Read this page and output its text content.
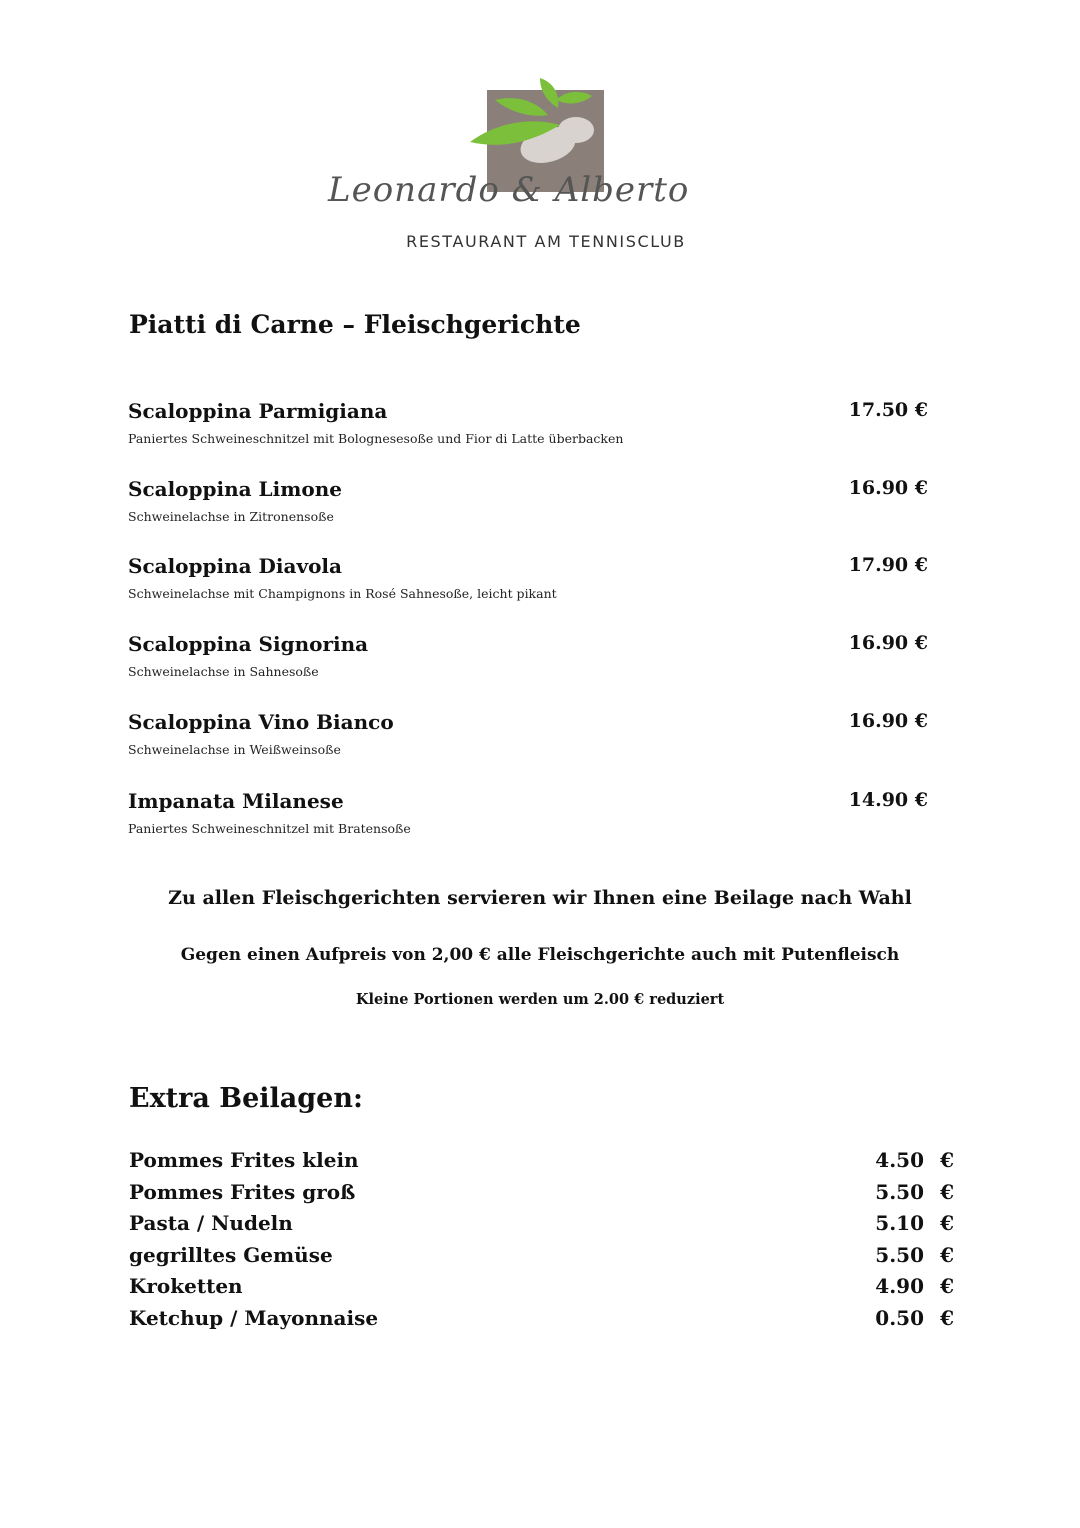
Leonardo & Alberto
RESTAURANT AM TENNISCLUB
Piatti di Carne – Fleischgerichte
Scaloppina Parmigiana	17.50 €
Paniertes Schweineschnitzel mit Bolognesesoße und Fior di Latte überbacken
Scaloppina Limone	16.90 €
Schweinelachse in Zitronensoße
Scaloppina Diavola	17.90 €
Schweinelachse mit Champignons in Rosé Sahnesoße, leicht pikant
Scaloppina Signorina	16.90 €
Schweinelachse in Sahnesoße
Scaloppina Vino Bianco	16.90 €
Schweinelachse in Weißweinsoße
Impanata Milanese	14.90 €
Paniertes Schweineschnitzel mit Bratensoße
Zu allen Fleischgerichten servieren wir Ihnen eine Beilage nach Wahl
Gegen einen Aufpreis von 2,00 € alle Fleischgerichte auch mit Putenfleisch
Kleine Portionen werden um 2.00 € reduziert
Extra Beilagen:
Pommes Frites klein	4.50 €
Pommes Frites groß	5.50 €
Pasta / Nudeln	5.10 €
gegrilltes Gemüse	5.50 €
Kroketten	4.90 €
Ketchup / Mayonnaise	0.50 €
